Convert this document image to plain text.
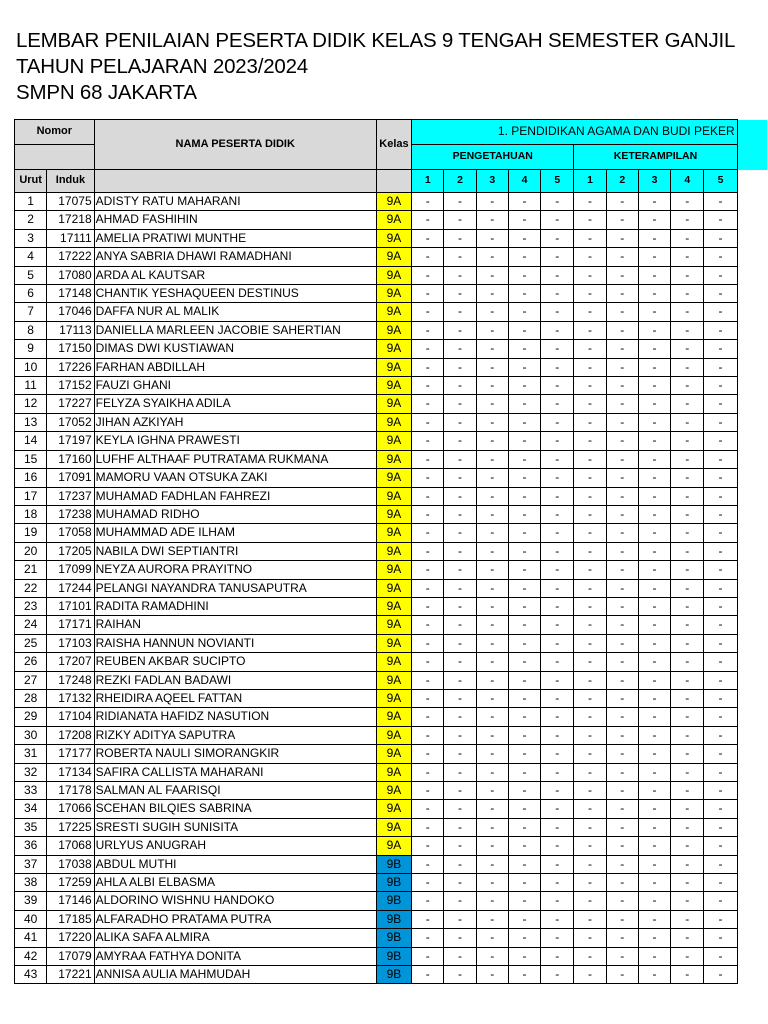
LEMBAR PENILAIAN PESERTA DIDIK KELAS 9 TENGAH SEMESTER GANJIL
TAHUN PELAJARAN 2023/2024
SMPN 68 JAKARTA
Nomor		NAMA PESERTA DIDIK	Kelas	1. PENDIDIKAN AGAMA DAN BUDI PEKER										
				PENGETAHUAN					KETERAMPILAN					
Urut	Induk			1	2	3	4	5	1	2	3	4	5	
1	17075	ADISTY RATU MAHARANI	9A	-	-	-	-	-	-	-	-	-	-	
2	17218	AHMAD FASHIHIN	9A	-	-	-	-	-	-	-	-	-	-	
3	17111	AMELIA PRATIWI MUNTHE	9A	-	-	-	-	-	-	-	-	-	-	
4	17222	ANYA SABRIA DHAWI RAMADHANI	9A	-	-	-	-	-	-	-	-	-	-	
5	17080	ARDA AL KAUTSAR	9A	-	-	-	-	-	-	-	-	-	-	
6	17148	CHANTIK YESHAQUEEN DESTINUS	9A	-	-	-	-	-	-	-	-	-	-	
7	17046	DAFFA NUR AL MALIK	9A	-	-	-	-	-	-	-	-	-	-	
8	17113	DANIELLA MARLEEN JACOBIE SAHERTIAN	9A	-	-	-	-	-	-	-	-	-	-	
9	17150	DIMAS DWI KUSTIAWAN	9A	-	-	-	-	-	-	-	-	-	-	
10	17226	FARHAN ABDILLAH	9A	-	-	-	-	-	-	-	-	-	-	
11	17152	FAUZI GHANI	9A	-	-	-	-	-	-	-	-	-	-	
12	17227	FELYZA SYAIKHA ADILA	9A	-	-	-	-	-	-	-	-	-	-	
13	17052	JIHAN AZKIYAH	9A	-	-	-	-	-	-	-	-	-	-	
14	17197	KEYLA IGHNA PRAWESTI	9A	-	-	-	-	-	-	-	-	-	-	
15	17160	LUFHF ALTHAAF PUTRATAMA RUKMANA	9A	-	-	-	-	-	-	-	-	-	-	
16	17091	MAMORU VAAN OTSUKA ZAKI	9A	-	-	-	-	-	-	-	-	-	-	
17	17237	MUHAMAD FADHLAN FAHREZI	9A	-	-	-	-	-	-	-	-	-	-	
18	17238	MUHAMAD RIDHO	9A	-	-	-	-	-	-	-	-	-	-	
19	17058	MUHAMMAD ADE ILHAM	9A	-	-	-	-	-	-	-	-	-	-	
20	17205	NABILA DWI SEPTIANTRI	9A	-	-	-	-	-	-	-	-	-	-	
21	17099	NEYZA AURORA PRAYITNO	9A	-	-	-	-	-	-	-	-	-	-	
22	17244	PELANGI NAYANDRA TANUSAPUTRA	9A	-	-	-	-	-	-	-	-	-	-	
23	17101	RADITA RAMADHINI	9A	-	-	-	-	-	-	-	-	-	-	
24	17171	RAIHAN	9A	-	-	-	-	-	-	-	-	-	-	
25	17103	RAISHA HANNUN NOVIANTI	9A	-	-	-	-	-	-	-	-	-	-	
26	17207	REUBEN AKBAR SUCIPTO	9A	-	-	-	-	-	-	-	-	-	-	
27	17248	REZKI FADLAN BADAWI	9A	-	-	-	-	-	-	-	-	-	-	
28	17132	RHEIDIRA AQEEL FATTAN	9A	-	-	-	-	-	-	-	-	-	-	
29	17104	RIDIANATA HAFIDZ NASUTION	9A	-	-	-	-	-	-	-	-	-	-	
30	17208	RIZKY ADITYA SAPUTRA	9A	-	-	-	-	-	-	-	-	-	-	
31	17177	ROBERTA NAULI SIMORANGKIR	9A	-	-	-	-	-	-	-	-	-	-	
32	17134	SAFIRA CALLISTA MAHARANI	9A	-	-	-	-	-	-	-	-	-	-	
33	17178	SALMAN AL FAARISQI	9A	-	-	-	-	-	-	-	-	-	-	
34	17066	SCEHAN BILQIES SABRINA	9A	-	-	-	-	-	-	-	-	-	-	
35	17225	SRESTI SUGIH SUNISITA	9A	-	-	-	-	-	-	-	-	-	-	
36	17068	URLYUS ANUGRAH	9A	-	-	-	-	-	-	-	-	-	-	
37	17038	ABDUL MUTHI	9B	-	-	-	-	-	-	-	-	-	-	
38	17259	AHLA ALBI ELBASMA	9B	-	-	-	-	-	-	-	-	-	-	
39	17146	ALDORINO WISHNU HANDOKO	9B	-	-	-	-	-	-	-	-	-	-	
40	17185	ALFARADHO PRATAMA PUTRA	9B	-	-	-	-	-	-	-	-	-	-	
41	17220	ALIKA SAFA ALMIRA	9B	-	-	-	-	-	-	-	-	-	-	
42	17079	AMYRAA FATHYA DONITA	9B	-	-	-	-	-	-	-	-	-	-	
43	17221	ANNISA AULIA MAHMUDAH	9B	-	-	-	-	-	-	-	-	-	-	
